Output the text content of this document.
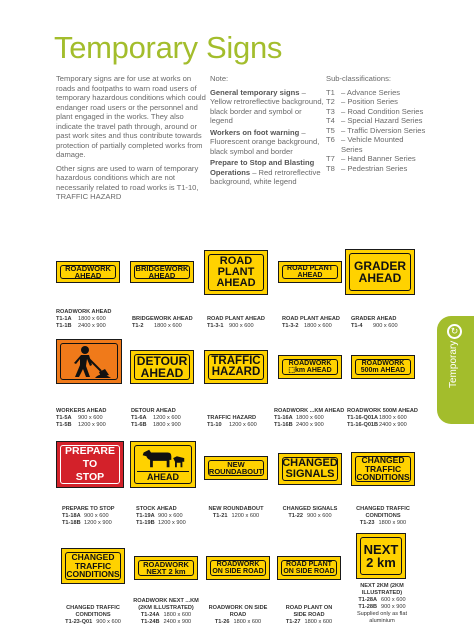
Temporary Signs

Temporary signs are for use at works on roads and footpaths to warn road users of temporary hazardous conditions which could endanger road users or the personnel and plant engaged in the works. They also indicate the travel path through, around or past work sites and thus contribute towards protection of partially completed works from damage.

Other signs are used to warn of temporary hazardous conditions which are not necessarily related to road works is T1-10, TRAFFIC HAZARD

Note:
General temporary signs – Yellow retroreflective background, black border and symbol or legend
Workers on foot warning – Fluorescent orange background, black symbol and border
Prepare to Stop and Blasting Operations – Red retroreflective background, white legend
Sub-classifications:
T1 – Advance Series
T2 – Position Series
T3 – Road Condition Series
T4 – Special Hazard Series
T5 – Traffic Diversion Series
T6 – Vehicle Mounted Series
T7 – Hand Banner Series
T8 – Pedestrian Series
↻
Temporary
ROADWORK
AHEAD
BRIDGEWORK
AHEAD
ROAD
PLANT
AHEAD
ROAD PLANT
AHEAD
GRADER
AHEAD
ROADWORK AHEAD
T1-1A	1800 x 600
T1-1B	2400 x 900
BRIDGEWORK AHEAD
T1-2	1800 x 600
ROAD PLANT AHEAD
T1-3-1 900 x 600
ROAD PLANT AHEAD
T1-3-2 1800 x 600
GRADER AHEAD
T1-4	900 x 600
DETOUR
AHEAD
TRAFFIC
HAZARD
ROADWORK
⬚km AHEAD
ROADWORK
500m AHEAD
WORKERS AHEAD
T1-5A	900 x 600
T1-5B	1200 x 900
DETOUR AHEAD
T1-6A	1200 x 600
T1-6B	1800 x 900
TRAFFIC HAZARD
T1-10	1200 x 600
ROADWORK ...KM AHEAD
T1-16A 1800 x 600
T1-16B 2400 x 900
ROADWORK 500M AHEAD
T1-16-Q01A 1800 x 600
T1-16-Q01B 2400 x 900
PREPARE
TO
STOP	AHEAD
NEW
ROUNDABOUT
CHANGED
SIGNALS
CHANGED
TRAFFIC
CONDITIONS
PREPARE TO STOP
T1-18A 900 x 600
T1-18B 1200 x 900
STOCK AHEAD
T1-19A 900 x 600
T1-19B 1200 x 900
NEW ROUNDABOUT
T1-21 1200 x 600
CHANGED SIGNALS
T1-22 900 x 600
CHANGED TRAFFIC CONDITIONS
T1-23 1800 x 900
CHANGED
TRAFFIC
CONDITIONS
ROADWORK
NEXT 2 km
ROADWORK
ON SIDE ROAD
ROAD PLANT
ON SIDE ROAD
NEXT
2 km
CHANGED TRAFFIC CONDITIONS
T1-23-Q01 900 x 600
ROADWORK NEXT ...KM (2KM ILLUSTRATED)
T1-24A 1800 x 600
T1-24B 2400 x 900
ROADWORK ON SIDE ROAD
T1-26 1800 x 600
ROAD PLANT ON SIDE ROAD
T1-27 1800 x 600
NEXT 2KM (2KM ILLUSTRATED)
T1-28A 600 x 600
T1-28B 900 x 900
Supplied only as flat aluminium
